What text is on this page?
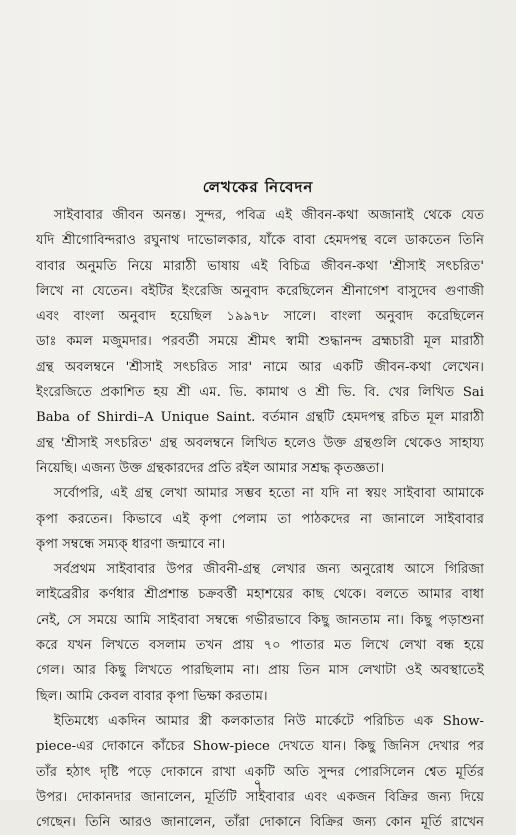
লেখকের নিবেদন

সাইবাবার জীবন অনন্ত। সুন্দর, পবিত্র এই জীবন-কথা অজানাই থেকে যেত
যদি শ্রীগোবিন্দরাও রঘুনাথ দাভোলকার, যাঁকে বাবা হেমদপন্থ বলে ডাকতেন তিনি
বাবার অনুমতি নিয়ে মারাঠী ভাষায় এই বিচিত্র জীবন-কথা 'শ্রীসাই সৎচরিত'
লিখে না যেতেন। বইটির ইংরেজি অনুবাদ করেছিলেন শ্রীনাগেশ বাসুদেব গুণাজী
এবং বাংলা অনুবাদ হয়েছিল ১৯৯৭৮ সালে। বাংলা অনুবাদ করেছিলেন
ডাঃ কমল মজুমদার। পরবর্তী সময়ে শ্রীমৎ স্বামী শুদ্ধানন্দ ব্রহ্মচারী মূল মারাঠী
গ্রন্থ অবলম্বনে 'শ্রীসাই সৎচরিত সার' নামে আর একটি জীবন-কথা লেখেন।
ইংরেজিতে প্রকাশিত হয় শ্রী এম. ভি. কামাথ ও শ্রী ভি. বি. খের লিখিত Sai
Baba of Shirdi–A Unique Saint. বর্তমান গ্রন্থটি হেমদপন্থ রচিত মূল মারাঠী
গ্রন্থ 'শ্রীসাই সৎচরিত' গ্রন্থ অবলম্বনে লিখিত হলেও উক্ত গ্রন্থগুলি থেকেও সাহায্য
নিয়েছি। এজন্য উক্ত গ্রন্থকারদের প্রতি রইল আমার সশ্রদ্ধ কৃতজ্ঞতা।

সর্বোপরি, এই গ্রন্থ লেখা আমার সম্ভব হতো না যদি না স্বয়ং সাইবাবা আমাকে
কৃপা করতেন। কিভাবে এই কৃপা পেলাম তা পাঠকদের না জানালে সাইবাবার
কৃপা সম্বন্ধে সম্যক্ ধারণা জন্মাবে না।

সর্বপ্রথম সাইবাবার উপর জীবনী-গ্রন্থ লেখার জন্য অনুরোধ আসে গিরিজা
লাইব্রেরীর কর্ণধার শ্রীপ্রশান্ত চক্রবর্ত্তী মহাশয়ের কাছ থেকে। বলতে আমার বাধা
নেই, সে সময়ে আমি সাইবাবা সম্বন্ধে গভীরভাবে কিছু জানতাম না। কিছু পড়াশুনা
করে যখন লিখতে বসলাম তখন প্রায় ৭০ পাতার মত লিখে লেখা বন্ধ হয়ে
গেল। আর কিছু লিখতে পারছিলাম না। প্রায় তিন মাস লেখাটা ওই অবস্থাতেই
ছিল। আমি কেবল বাবার কৃপা ভিক্ষা করতাম।

ইতিমধ্যে একদিন আমার স্ত্রী কলকাতার নিউ মার্কেটে পরিচিত এক Show-
piece-এর দোকানে কাঁচের Show-piece দেখতে যান। কিছু জিনিস দেখার পর
তাঁর হঠাৎ দৃষ্টি পড়ে দোকানে রাখা একটি অতি সুন্দর পোরসিলেন শ্বেত মূর্তির
উপর। দোকানদার জানালেন, মূর্তিটি সাইবাবার এবং একজন বিক্রির জন্য দিয়ে
গেছেন। তিনি আরও জানালেন, তাঁরা দোকানে বিক্রির জন্য কোন মূর্তি রাখেন

৭
